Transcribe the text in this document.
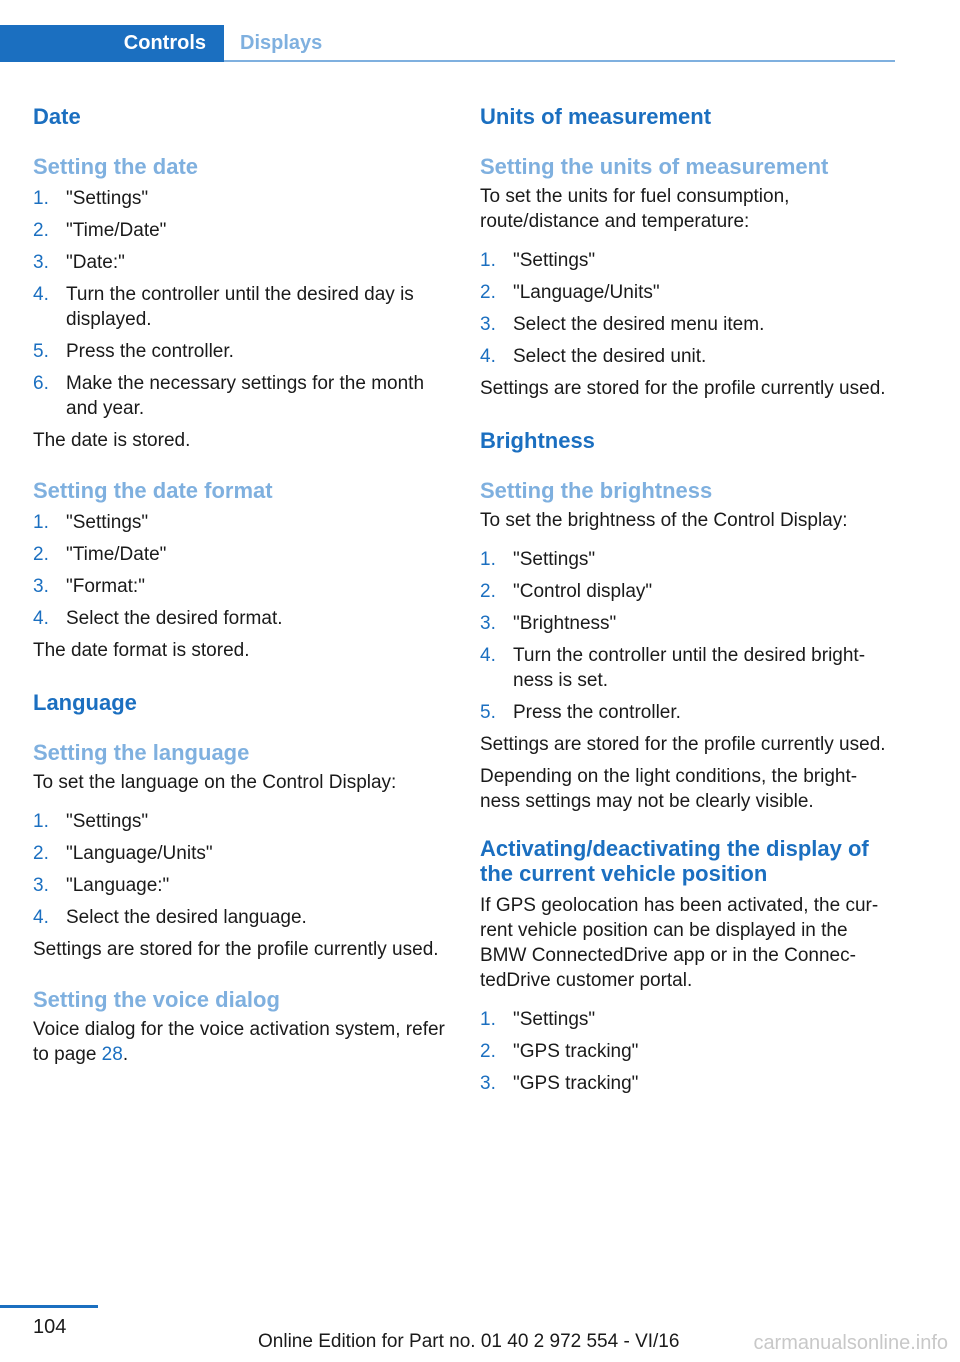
Controls Displays
Date
Setting the date
1. "Settings"
2. "Time/Date"
3. "Date:"
4. Turn the controller until the desired day is displayed.
5. Press the controller.
6. Make the necessary settings for the month and year.

The date is stored.

Setting the date format
1. "Settings"
2. "Time/Date"
3. "Format:"
4. Select the desired format.

The date format is stored.

Language
Setting the language

To set the language on the Control Display:

1. "Settings"
2. "Language/Units"
3. "Language:"
4. Select the desired language.

Settings are stored for the profile currently used.

Setting the voice dialog

Voice dialog for the voice activation system, refer to page 28.

Units of measurement
Setting the units of measurement

To set the units for fuel consumption, route/distance and temperature:

1. "Settings"
2. "Language/Units"
3. Select the desired menu item.
4. Select the desired unit.

Settings are stored for the profile currently used.

Brightness
Setting the brightness

To set the brightness of the Control Display:

1. "Settings"
2. "Control display"
3. "Brightness"
4. Turn the controller until the desired bright‐ness is set.
5. Press the controller.

Settings are stored for the profile currently used.

Depending on the light conditions, the bright‐ness settings may not be clearly visible.

Activating/deactivating the display of the current vehicle position

If GPS geolocation has been activated, the cur‐rent vehicle position can be displayed in the BMW ConnectedDrive app or in the Connec‐tedDrive customer portal.

1. "Settings"
2. "GPS tracking"
3. "GPS tracking"
104
Online Edition for Part no. 01 40 2 972 554 - VI/16	carmanualsonline.info
